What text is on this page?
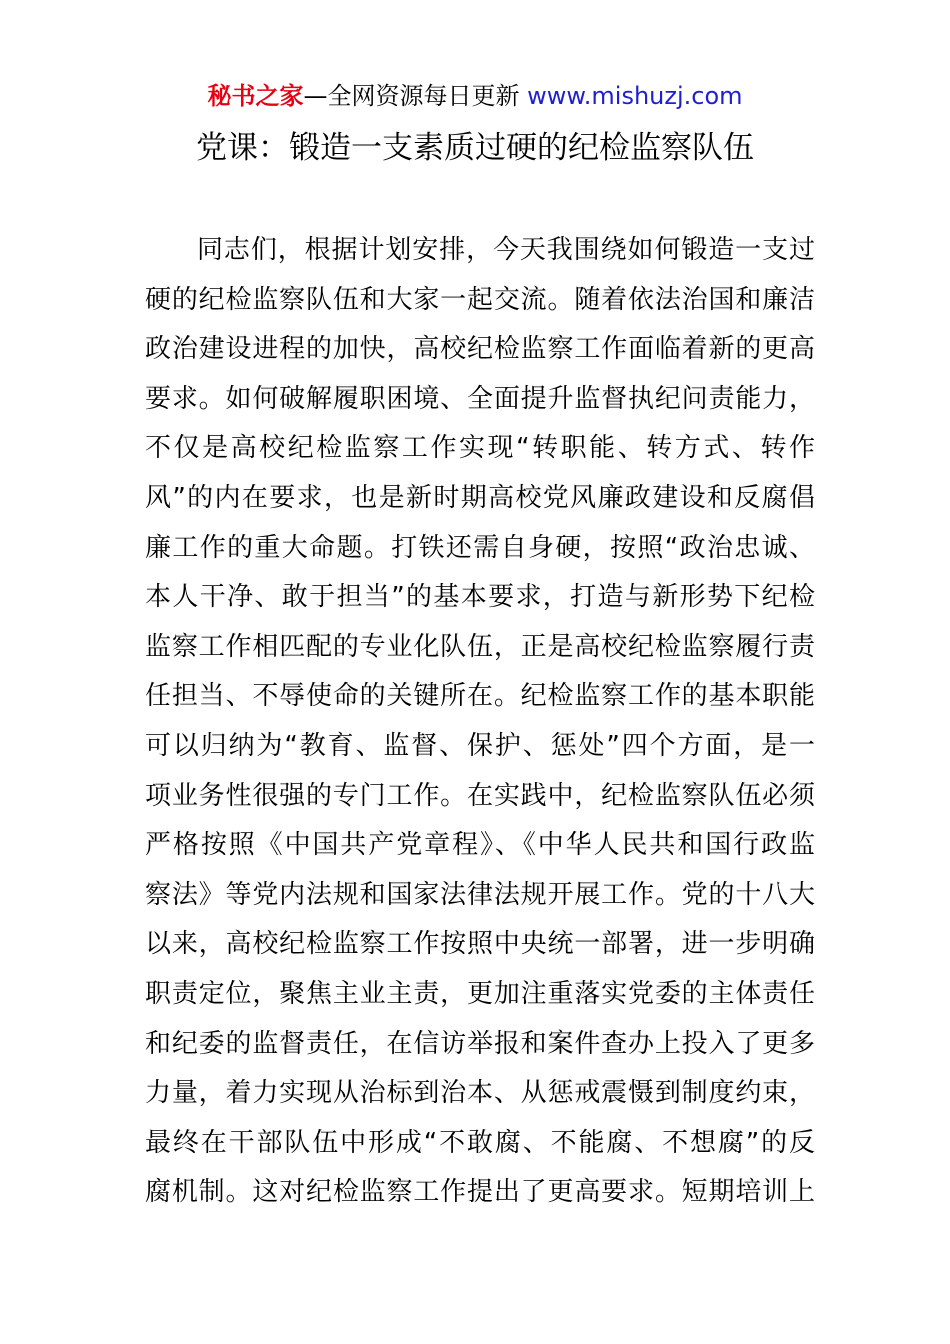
秘书之家—全网资源每日更新 www.mishuzj.com
党课：锻造一支素质过硬的纪检监察队伍
同志们，根据计划安排，今天我围绕如何锻造一支过
硬的纪检监察队伍和大家一起交流。随着依法治国和廉洁
政治建设进程的加快，高校纪检监察工作面临着新的更高
要求。如何破解履职困境、全面提升监督执纪问责能力，
不仅是高校纪检监察工作实现“转职能、转方式、转作
风”的内在要求，也是新时期高校党风廉政建设和反腐倡
廉工作的重大命题。打铁还需自身硬，按照“政治忠诚、
本人干净、敢于担当”的基本要求，打造与新形势下纪检
监察工作相匹配的专业化队伍，正是高校纪检监察履行责
任担当、不辱使命的关键所在。纪检监察工作的基本职能
可以归纳为“教育、监督、保护、惩处”四个方面，是一
项业务性很强的专门工作。在实践中，纪检监察队伍必须
严格按照《中国共产党章程》、《中华人民共和国行政监
察法》等党内法规和国家法律法规开展工作。党的十八大
以来，高校纪检监察工作按照中央统一部署，进一步明确
职责定位，聚焦主业主责，更加注重落实党委的主体责任
和纪委的监督责任，在信访举报和案件查办上投入了更多
力量，着力实现从治标到治本、从惩戒震慑到制度约束，
最终在干部队伍中形成“不敢腐、不能腐、不想腐”的反
腐机制。这对纪检监察工作提出了更高要求。短期培训上
